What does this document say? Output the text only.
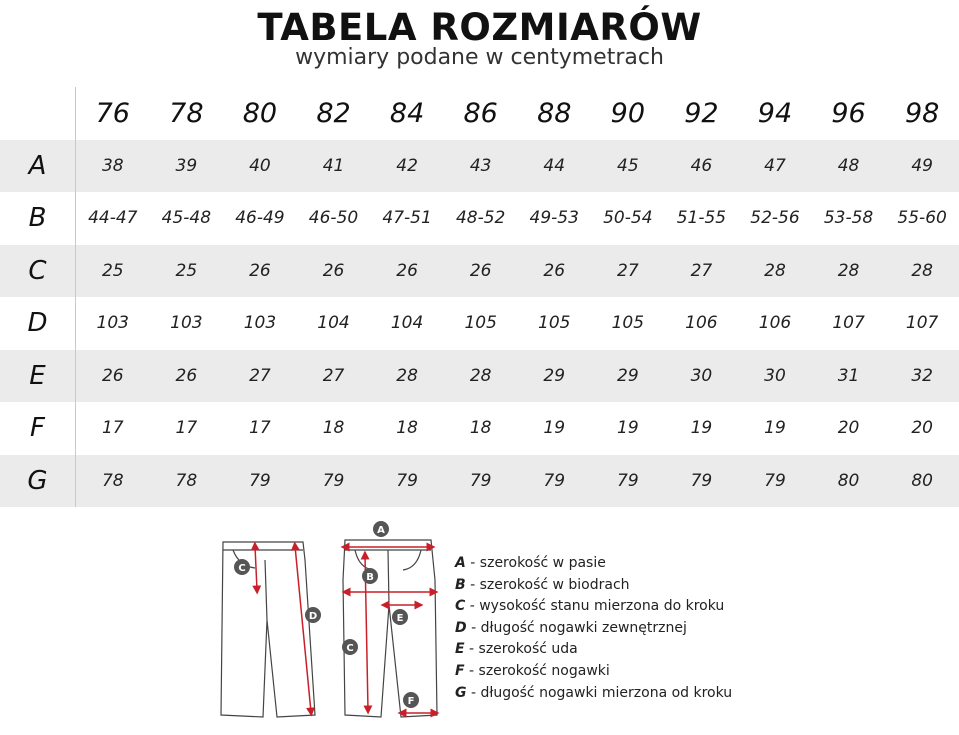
TABELA ROZMIARÓW
wymiary podane w centymetrach
76	78	80	82	84	86	88	90	92	94	96	98
A	38	39	40	41	42	43	44	45	46	47	48	49
B	44-47	45-48	46-49	46-50	47-51	48-52	49-53	50-54	51-55	52-56	53-58	55-60
C	25	25	26	26	26	26	26	27	27	28	28	28
D	103	103	103	104	104	105	105	105	106	106	107	107
E	26	26	27	27	28	28	29	29	30	30	31	32
F	17	17	17	18	18	18	19	19	19	19	20	20
G	78	78	79	79	79	79	79	79	79	79	80	80
A
B
C
C
D	E
F
A - szerokość w pasie
B - szerokość w biodrach
C - wysokość stanu mierzona do kroku
D - długość nogawki zewnętrznej
E - szerokość uda
F - szerokość nogawki
G - długość nogawki mierzona od kroku
